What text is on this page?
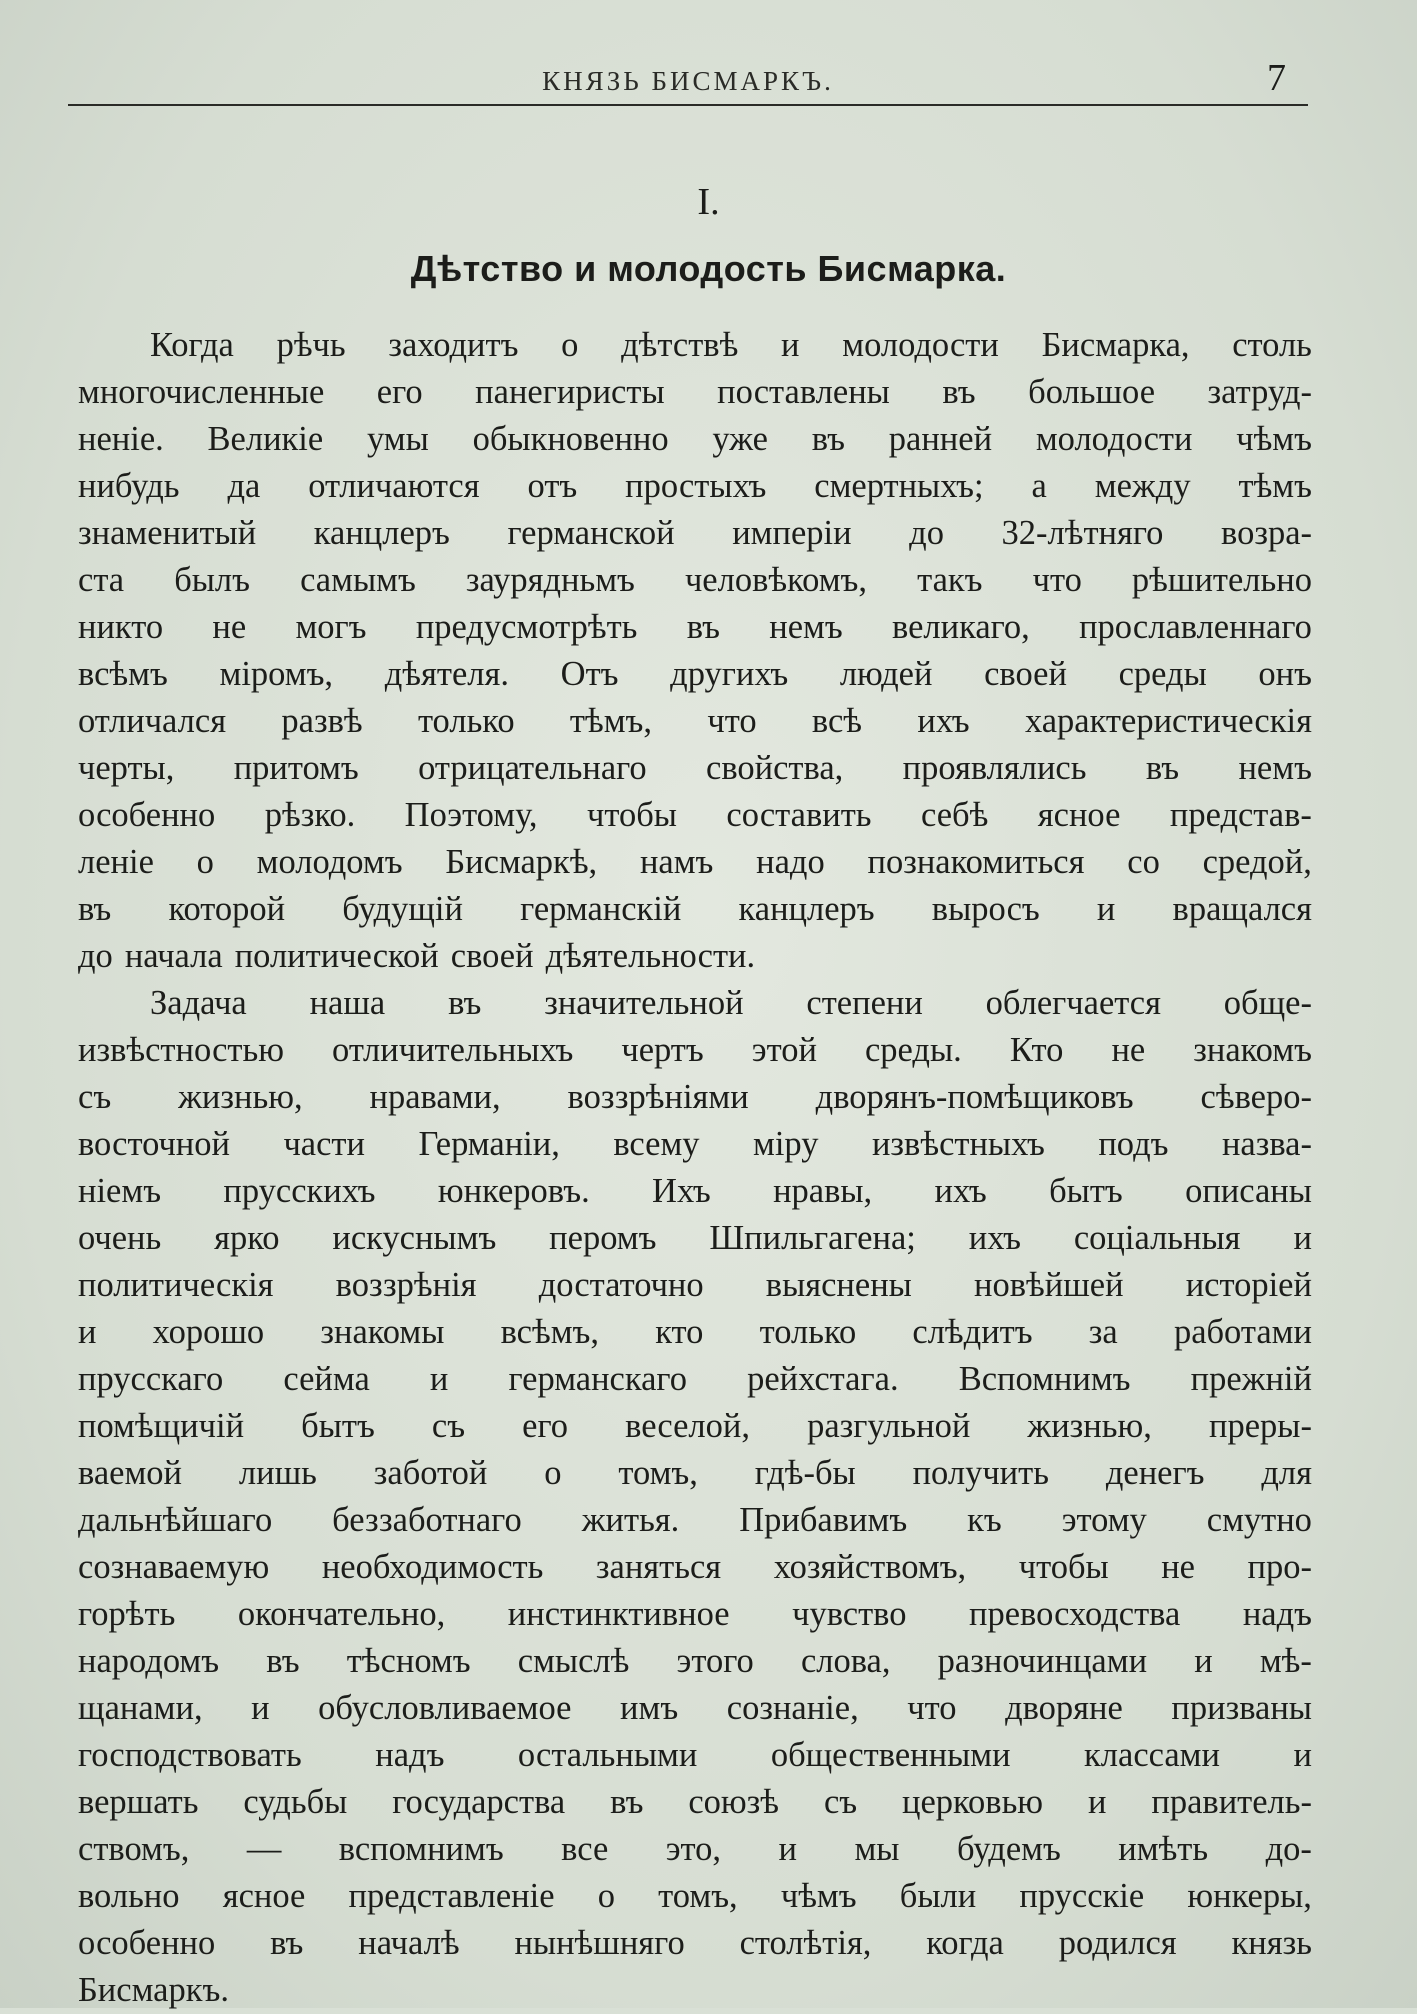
КНЯЗЬ БИСМАРКЪ.	7
I.
Дѣтство и молодость Бисмарка.
Когда рѣчь заходитъ о дѣтствѣ и молодости Бисмарка, столь
многочисленные его панегиристы поставлены въ большое затруд-
неніе. Великіе умы обыкновенно уже въ ранней молодости чѣмъ
нибудь да отличаются отъ простыхъ смертныхъ; а между тѣмъ
знаменитый канцлеръ германской имперіи до 32-лѣтняго возра-
ста былъ самымъ заурядньмъ человѣкомъ, такъ что рѣшительно
никто не могъ предусмотрѣть въ немъ великаго, прославленнаго
всѣмъ міромъ, дѣятеля. Отъ другихъ людей своей среды онъ
отличался развѣ только тѣмъ, что всѣ ихъ характеристическія
черты, притомъ отрицательнаго свойства, проявлялись въ немъ
особенно рѣзко. Поэтому, чтобы составить себѣ ясное представ-
леніе о молодомъ Бисмаркѣ, намъ надо познакомиться со средой,
въ которой будущій германскій канцлеръ выросъ и вращался
до начала политической своей дѣятельности.
Задача наша въ значительной степени облегчается обще-
извѣстностью отличительныхъ чертъ этой среды. Кто не знакомъ
съ жизнью, нравами, воззрѣніями дворянъ-помѣщиковъ сѣверо-
восточной части Германіи, всему міру извѣстныхъ подъ назва-
ніемъ прусскихъ юнкеровъ. Ихъ нравы, ихъ бытъ описаны
очень ярко искуснымъ перомъ Шпильгагена; ихъ соціальныя и
политическія воззрѣнія достаточно выяснены новѣйшей исторіей
и хорошо знакомы всѣмъ, кто только слѣдитъ за работами
прусскаго сейма и германскаго рейхстага. Вспомнимъ прежній
помѣщичій бытъ съ его веселой, разгульной жизнью, преры-
ваемой лишь заботой о томъ, гдѣ-бы получить денегъ для
дальнѣйшаго беззаботнаго житья. Прибавимъ къ этому смутно
сознаваемую необходимость заняться хозяйствомъ, чтобы не про-
горѣть окончательно, инстинктивное чувство превосходства надъ
народомъ въ тѣсномъ смыслѣ этого слова, разночинцами и мѣ-
щанами, и обусловливаемое имъ сознаніе, что дворяне призваны
господствовать надъ остальными общественными классами и
вершать судьбы государства въ союзѣ съ церковью и правитель-
ствомъ, — вспомнимъ все это, и мы будемъ имѣть до-
вольно ясное представленіе о томъ, чѣмъ были прусскіе юнкеры,
особенно въ началѣ нынѣшняго столѣтія, когда родился князь
Бисмаркъ.
